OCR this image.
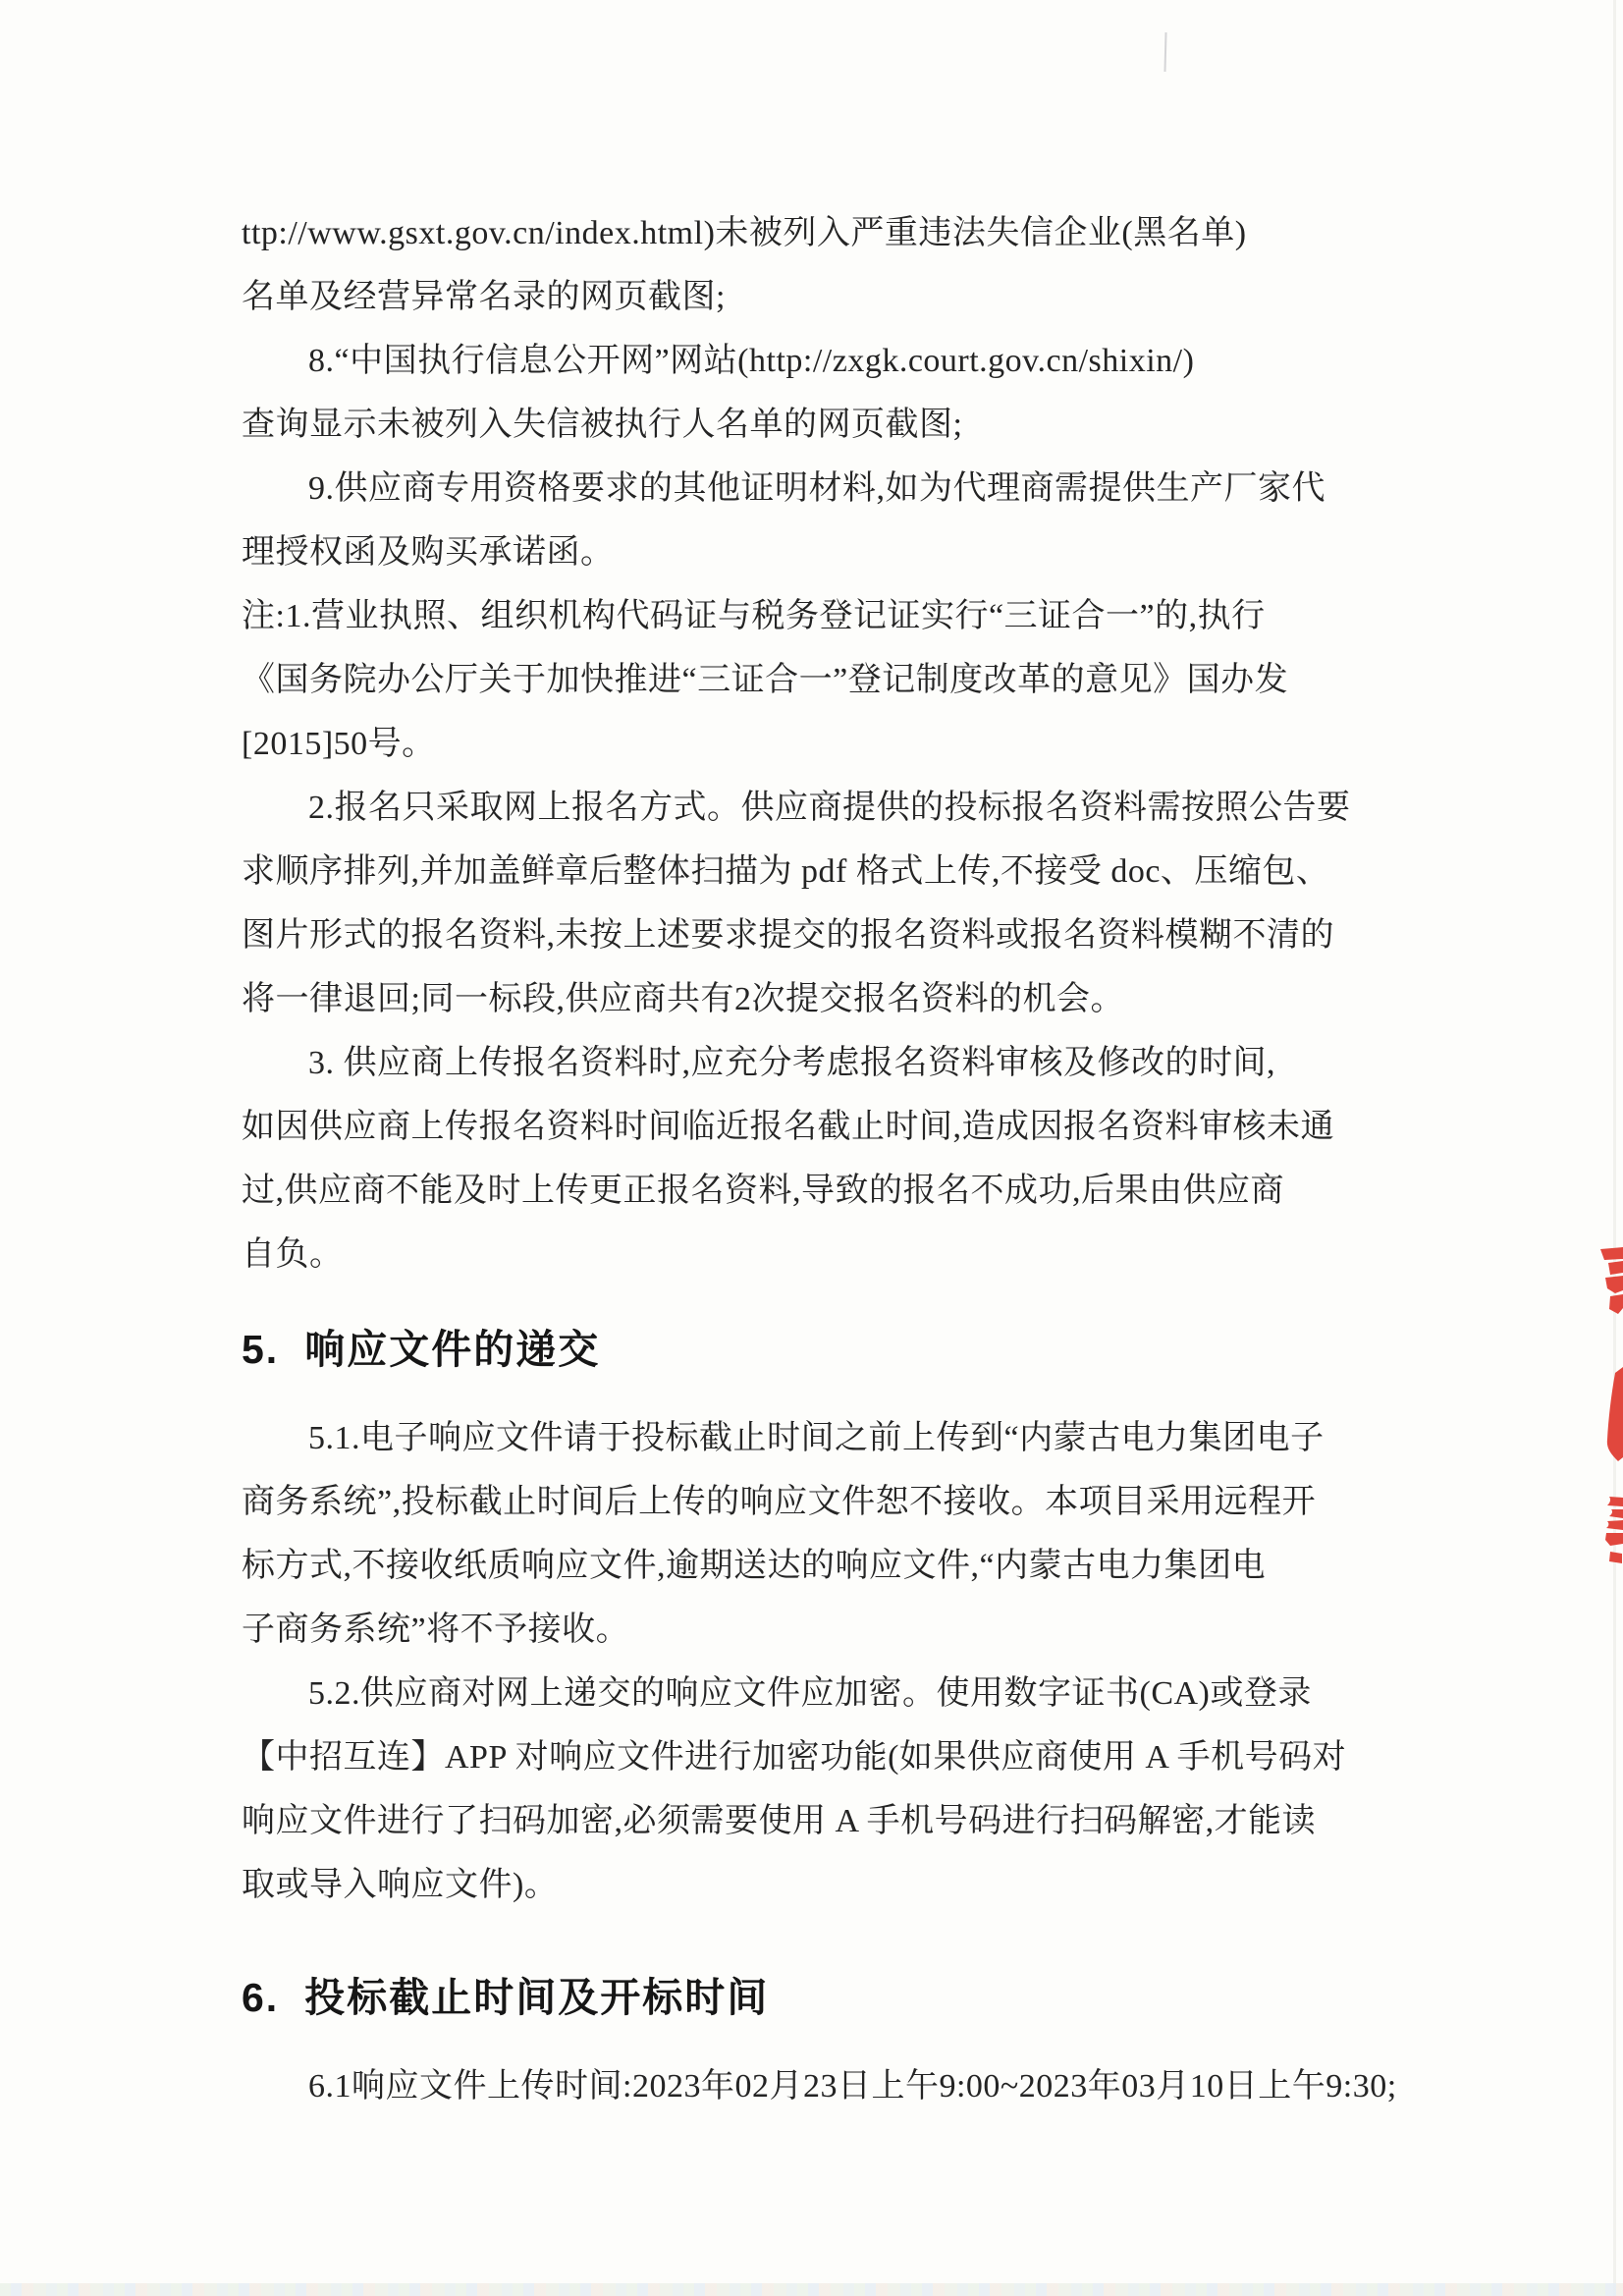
ttp://www.gsxt.gov.cn/index.html)未被列入严重违法失信企业(黑名单)
名单及经营异常名录的网页截图;
8.“中国执行信息公开网”网站(http://zxgk.court.gov.cn/shixin/)
查询显示未被列入失信被执行人名单的网页截图;
9.供应商专用资格要求的其他证明材料,如为代理商需提供生产厂家代
理授权函及购买承诺函。
注:1.营业执照、组织机构代码证与税务登记证实行“三证合一”的,执行
《国务院办公厅关于加快推进“三证合一”登记制度改革的意见》国办发
[2015]50号。
2.报名只采取网上报名方式。供应商提供的投标报名资料需按照公告要
求顺序排列,并加盖鲜章后整体扫描为 pdf 格式上传,不接受 doc、压缩包、
图片形式的报名资料,未按上述要求提交的报名资料或报名资料模糊不清的
将一律退回;同一标段,供应商共有2次提交报名资料的机会。
3. 供应商上传报名资料时,应充分考虑报名资料审核及修改的时间,
如因供应商上传报名资料时间临近报名截止时间,造成因报名资料审核未通
过,供应商不能及时上传更正报名资料,导致的报名不成功,后果由供应商
自负。
5. 响应文件的递交
5.1.电子响应文件请于投标截止时间之前上传到“内蒙古电力集团电子
商务系统”,投标截止时间后上传的响应文件恕不接收。本项目采用远程开
标方式,不接收纸质响应文件,逾期送达的响应文件,“内蒙古电力集团电
子商务系统”将不予接收。
5.2.供应商对网上递交的响应文件应加密。使用数字证书(CA)或登录
【中招互连】APP 对响应文件进行加密功能(如果供应商使用 A 手机号码对
响应文件进行了扫码加密,必须需要使用 A 手机号码进行扫码解密,才能读
取或导入响应文件)。
6. 投标截止时间及开标时间
6.1响应文件上传时间:2023年02月23日上午9:00~2023年03月10日上午9:30;
